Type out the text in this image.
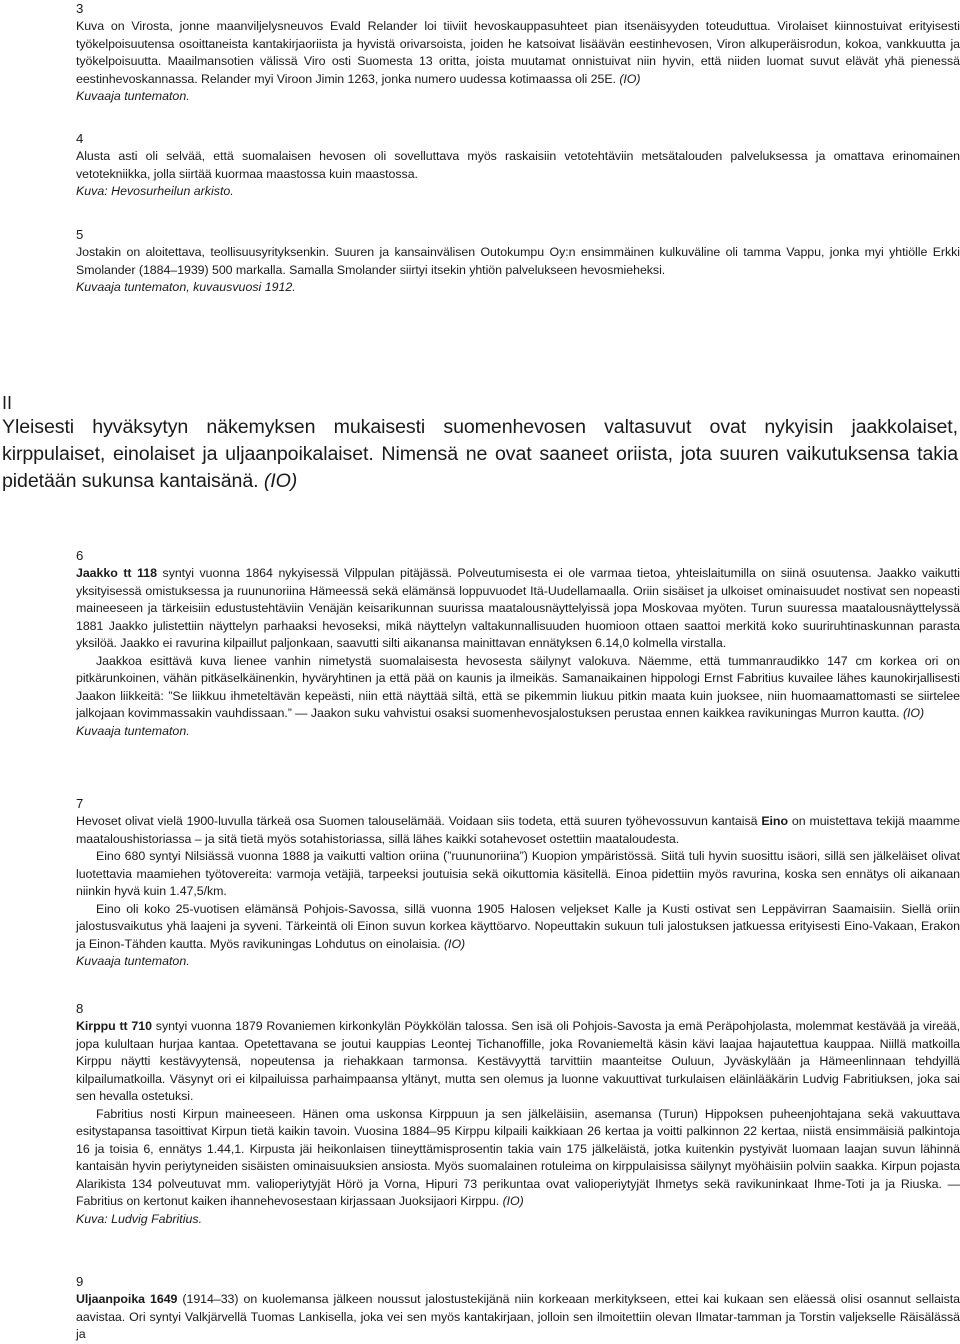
3

Kuva on Virosta, jonne maanviljelysneuvos Evald Relander loi tiiviit hevoskauppasuhteet pian itsenäisyyden toteuduttua. Virolaiset kiinnostuivat erityisesti työkelpoisuutensa osoittaneista kantakirjaoriista ja hyvistä orivarsoista, joiden he katsoivat lisäävän eestinhevosen, Viron alkuperäisrodun, kokoa, vankkuutta ja työkelpoisuutta. Maailmansotien välissä Viro osti Suomesta 13 oritta, joista muutamat onnistuivat niin hyvin, että niiden luomat suvut elävät yhä pienessä eestinhevoskannassa. Relander myi Viroon Jimin 1263, jonka numero uudessa kotimaassa oli 25E. (IO)

Kuvaaja tuntematon.
4

Alusta asti oli selvää, että suomalaisen hevosen oli sovelluttava myös raskaisiin vetotehtäviin metsätalouden palveluksessa ja omattava erinomainen vetotekniikka, jolla siirtää kuormaa maastossa kuin maastossa.

Kuva: Hevosurheilun arkisto.
5

Jostakin on aloitettava, teollisuusyrityksenkin. Suuren ja kansainvälisen Outokumpu Oy:n ensimmäinen kulkuväline oli tamma Vappu, jonka myi yhtiölle Erkki Smolander (1884–1939) 500 markalla. Samalla Smolander siirtyi itsekin yhtiön palvelukseen hevosmieheksi.

Kuvaaja tuntematon, kuvausvuosi 1912.
6

Jaakko tt 118 syntyi vuonna 1864 nykyisessä Vilppulan pitäjässä. Polveutumisesta ei ole varmaa tietoa, yhteislaitumilla on siinä osuutensa. Jaakko vaikutti yksityisessä omistuksessa ja ruununoriina Hämeessä sekä elämänsä loppuvuodet Itä-Uudellamaalla. Oriin sisäiset ja ulkoiset ominaisuudet nostivat sen nopeasti maineeseen ja tärkeisiin edustustehtäviin Venäjän keisarikunnan suurissa maatalousnäyttelyissä jopa Moskovaa myöten. Turun suuressa maatalousnäyttelyssä 1881 Jaakko julistettiin näyttelyn parhaaksi hevoseksi, mikä näyttelyn valtakunnallisuuden huomioon ottaen saattoi merkitä koko suuriruhtinaskunnan parasta yksilöä. Jaakko ei ravurina kilpaillut paljonkaan, saavutti silti aikanansa mainittavan ennätyksen 6.14,0 kolmella virstalla.

Jaakkoa esittävä kuva lienee vanhin nimetystä suomalaisesta hevosesta säilynyt valokuva. Näemme, että tummanraudikko 147 cm korkea ori on pitkärunkoinen, vähän pitkäselkäinenkin, hyväryhtinen ja että pää on kaunis ja ilmeikäs. Samanaikainen hippologi Ernst Fabritius kuvailee lähes kaunokirjallisesti Jaakon liikkeitä: ”Se liikkuu ihmeteltävän kepeästi, niin että näyttää siltä, että se pikemmin liukuu pitkin maata kuin juoksee, niin huomaamattomasti se siirtelee jalkojaan kovimmassakin vauhdissaan.” — Jaakon suku vahvistui osaksi suomenhevosjalostuksen perustaa ennen kaikkea ravikuningas Murron kautta. (IO)

Kuvaaja tuntematon.
7

Hevoset olivat vielä 1900-luvulla tärkeä osa Suomen talouselämää. Voidaan siis todeta, että suuren työhevossuvun kantaisä Eino on muistettava tekijä maamme maataloushistoriassa – ja sitä tietä myös sotahistoriassa, sillä lähes kaikki sotahevoset ostettiin maataloudesta.

Eino 680 syntyi Nilsiässä vuonna 1888 ja vaikutti valtion oriina (”ruununoriina”) Kuopion ympäristössä. Siitä tuli hyvin suosittu isäori, sillä sen jälkeläiset olivat luotettavia maamiehen työtovereita: varmoja vetäjiä, tarpeeksi joutuisia sekä oikuttomia käsitellä. Einoa pidettiin myös ravurina, koska sen ennätys oli aikanaan niinkin hyvä kuin 1.47,5/km.

Eino oli koko 25-vuotisen elämänsä Pohjois-Savossa, sillä vuonna 1905 Halosen veljekset Kalle ja Kusti ostivat sen Leppävirran Saamaisiin. Siellä oriin jalostusvaikutus yhä laajeni ja syveni. Tärkeintä oli Einon suvun korkea käyttöarvo. Nopeuttakin sukuun tuli jalostuksen jatkuessa erityisesti Eino-Vakaan, Erakon ja Einon-Tähden kautta. Myös ravikuningas Lohdutus on einolaisia. (IO)

Kuvaaja tuntematon.
8

Kirppu tt 710 syntyi vuonna 1879 Rovaniemen kirkonkylän Pöykkölän talossa. Sen isä oli Pohjois-Savosta ja emä Peräpohjolasta, molemmat kestävää ja vireää, jopa kulultaan hurjaa kantaa. Opetettavana se joutui kauppias Leontej Tichanoffille, joka Rovaniemeltä käsin kävi laajaa hajautettua kauppaa. Niillä matkoilla Kirppu näytti kestävyytensä, nopeutensa ja riehakkaan tarmonsa. Kestävyyttä tarvittiin maanteitse Ouluun, Jyväskylään ja Hämeenlinnaan tehdyillä kilpailumatkoilla. Väsynyt ori ei kilpailuissa parhaimpaansa yltänyt, mutta sen olemus ja luonne vakuuttivat turkulaisen eläinlääkärin Ludvig Fabritiuksen, joka sai sen hevalla ostetuksi.

Fabritius nosti Kirpun maineeseen. Hänen oma uskonsa Kirppuun ja sen jälkeläisiin, asemansa (Turun) Hippoksen puheenjohtajana sekä vakuuttava esitystapansa tasoittivat Kirpun tietä kaikin tavoin. Vuosina 1884–95 Kirppu kilpaili kaikkiaan 26 kertaa ja voitti palkinnon 22 kertaa, niistä ensimmäisiä palkintoja 16 ja toisia 6, ennätys 1.44,1. Kirpusta jäi heikonlaisen tiineyttämisprosentin takia vain 175 jälkeläistä, jotka kuitenkin pystyivät luomaan laajan suvun lähinnä kantaisän hyvin periytyneiden sisäisten ominaisuuksien ansiosta. Myös suomalainen rotuleima on kirppulaisissa säilynyt myöhäisiin polviin saakka. Kirpun pojasta Alarikista 134 polveutuvat mm. valioperiytyjät Hörö ja Vorna, Hipuri 73 perikuntaa ovat valioperiytyjät Ihmetys sekä ravikuninkaat Ihme-Toti ja ja Riuska. — Fabritius on kertonut kaiken ihannehevosestaan kirjassaan Juoksijaori Kirppu. (IO)

Kuva: Ludvig Fabritius.
9

Uljaanpoika 1649 (1914–33) on kuolemansa jälkeen noussut jalostustekijänä niin korkeaan merkitykseen, ettei kai kukaan sen eläessä olisi osannut sellaista aavistaa. Ori syntyi Valkjärvellä Tuomas Lankisella, joka vei sen myös kantakirjaan, jolloin sen ilmoitettiin olevan Ilmatar-tamman ja Torstin valjekselle Räisälässä ja

II

Yleisesti hyväksytyn näkemyksen mukaisesti suomenhevosen valtasuvut ovat nykyisin jaakkolaiset, kirppulaiset, einolaiset ja uljaanpoikalaiset. Nimensä ne ovat saaneet oriista, jota suuren vaikutuksensa takia pidetään sukunsa kantaisänä. (IO)
